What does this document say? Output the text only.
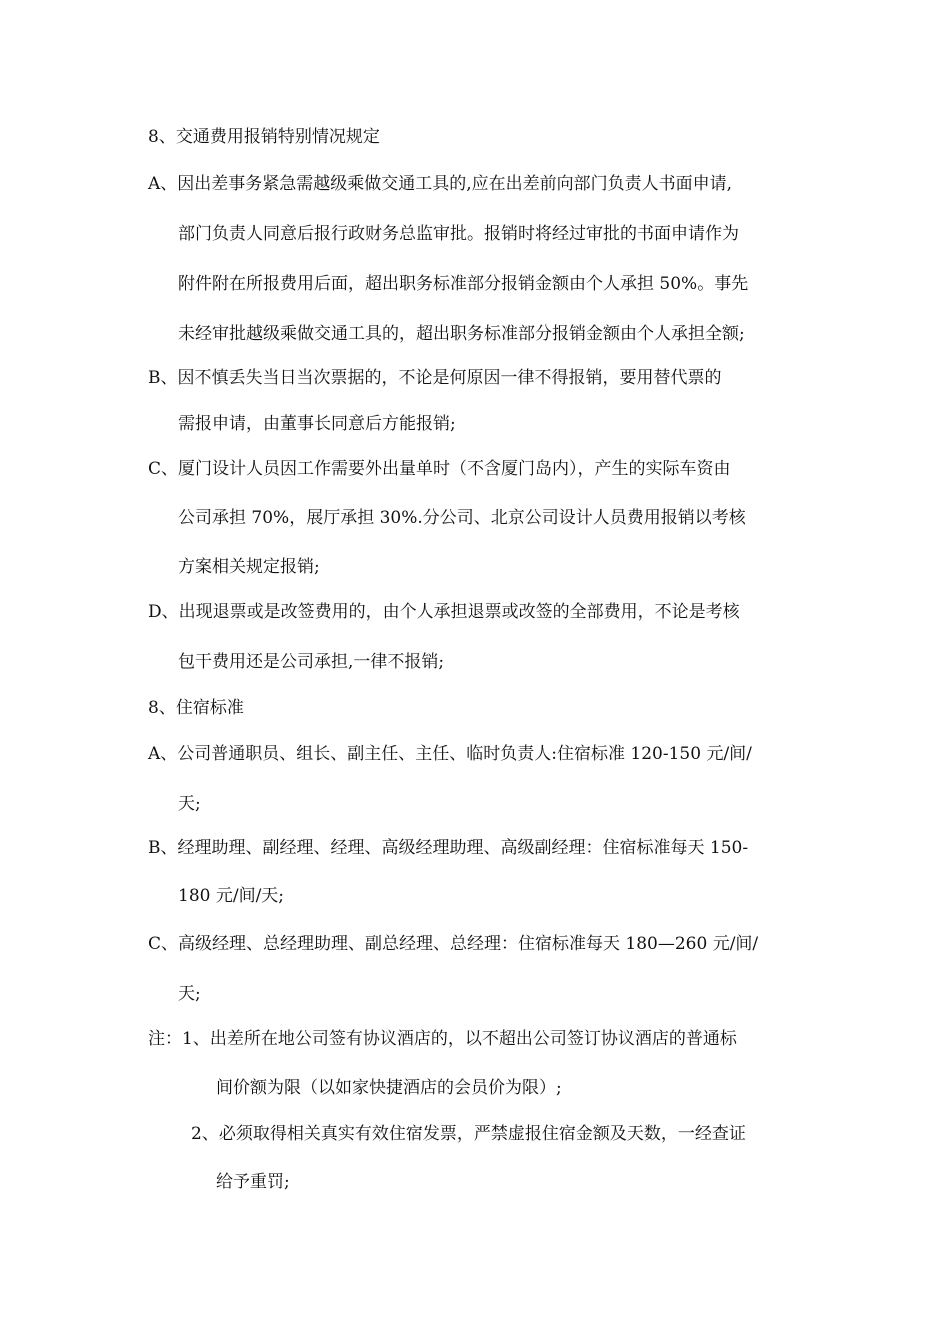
8、交通费用报销特别情况规定
A、因出差事务紧急需越级乘做交通工具的,应在出差前向部门负责人书面申请,
部门负责人同意后报行政财务总监审批。报销时将经过审批的书面申请作为
附件附在所报费用后面，超出职务标准部分报销金额由个人承担 50%。事先
未经审批越级乘做交通工具的，超出职务标准部分报销金额由个人承担全额;
B、因不慎丢失当日当次票据的，不论是何原因一律不得报销，要用替代票的
需报申请，由董事长同意后方能报销;
C、厦门设计人员因工作需要外出量单时（不含厦门岛内），产生的实际车资由
公司承担 70%，展厅承担 30%.分公司、北京公司设计人员费用报销以考核
方案相关规定报销;
D、出现退票或是改签费用的，由个人承担退票或改签的全部费用，不论是考核
包干费用还是公司承担,一律不报销;
8、住宿标准
A、公司普通职员、组长、副主任、主任、临时负责人:住宿标准 120-150 元/间/
天;
B、经理助理、副经理、经理、高级经理助理、高级副经理：住宿标准每天 150-
180 元/间/天;
C、高级经理、总经理助理、副总经理、总经理：住宿标准每天 180—260 元/间/
天;
注：1、出差所在地公司签有协议酒店的，以不超出公司签订协议酒店的普通标
间价额为限（以如家快捷酒店的会员价为限）;
2、必须取得相关真实有效住宿发票，严禁虚报住宿金额及天数，一经查证
给予重罚;
